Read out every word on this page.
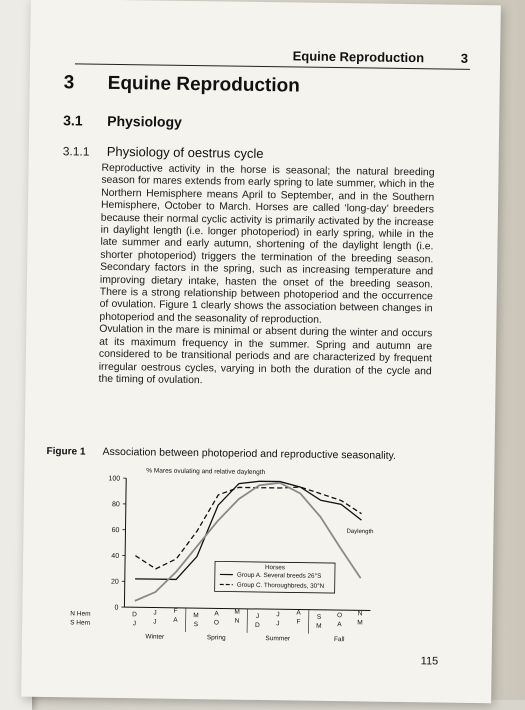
Equine Reproduction	3
3 Equine Reproduction
3.1 Physiology
3.1.1 Physiology of oestrus cycle

Reproductive activity in the horse is seasonal; the natural breeding season for mares extends from early spring to late summer, which in the Northern Hemisphere means April to September, and in the Southern Hemisphere, October to March. Horses are called ‘long-day’ breeders because their normal cyclic activity is primarily activated by the increase in daylight length (i.e. longer photoperiod) in early spring, while in the late summer and early autumn, shortening of the daylight length (i.e. shorter photoperiod) triggers the termination of the breeding season. Secondary factors in the spring, such as increasing temperature and improving dietary intake, hasten the onset of the breeding season. There is a strong relationship between photoperiod and the occurrence of ovulation. Figure 1 clearly shows the association between changes in photoperiod and the seasonality of reproduction.

Ovulation in the mare is minimal or absent during the winter and occurs at its maximum frequency in the summer. Spring and autumn are considered to be transitional periods and are characterized by frequent irregular oestrous cycles, varying in both the duration of the cycle and the timing of ovulation.

Figure 1 Association between photoperiod and reproductive seasonality.
% Mares ovulating and relative daylength
0
20
40
60
80
100
Daylength
Horses
Group A. Several breeds 26°S
Group C. Thoroughbreds, 30°N
N Hem	D	J	F
M A M
J	J	A
S O N
S Hem	J	J	A
S O N
D	J	F
M A M
Winter	Spring	Summer	Fall
115
